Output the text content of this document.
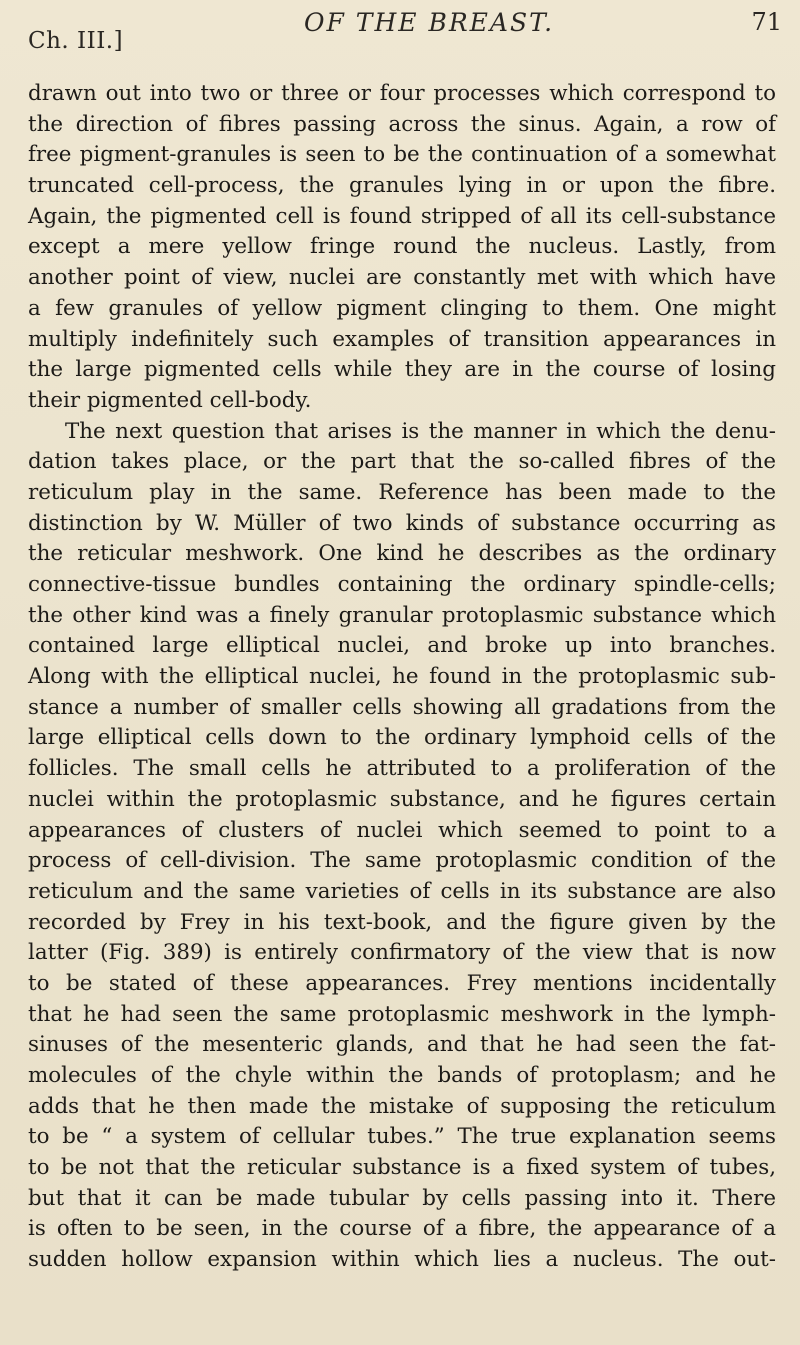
Ch. III.]
OF THE BREAST.	71
drawn out into two or three or four processes which correspond to
the direction of fibres passing across the sinus. Again, a row of
free pigment-granules is seen to be the continuation of a somewhat
truncated cell-process, the granules lying in or upon the fibre.
Again, the pigmented cell is found stripped of all its cell-substance
except a mere yellow fringe round the nucleus. Lastly, from
another point of view, nuclei are constantly met with which have
a few granules of yellow pigment clinging to them. One might
multiply indefinitely such examples of transition appearances in
the large pigmented cells while they are in the course of losing
their pigmented cell-body.
The next question that arises is the manner in which the denu-
dation takes place, or the part that the so-called fibres of the
reticulum play in the same. Reference has been made to the
distinction by W. Müller of two kinds of substance occurring as
the reticular meshwork. One kind he describes as the ordinary
connective-tissue bundles containing the ordinary spindle-cells;
the other kind was a finely granular protoplasmic substance which
contained large elliptical nuclei, and broke up into branches.
Along with the elliptical nuclei, he found in the protoplasmic sub-
stance a number of smaller cells showing all gradations from the
large elliptical cells down to the ordinary lymphoid cells of the
follicles. The small cells he attributed to a proliferation of the
nuclei within the protoplasmic substance, and he figures certain
appearances of clusters of nuclei which seemed to point to a
process of cell-division. The same protoplasmic condition of the
reticulum and the same varieties of cells in its substance are also
recorded by Frey in his text-book, and the figure given by the
latter (Fig. 389) is entirely confirmatory of the view that is now
to be stated of these appearances. Frey mentions incidentally
that he had seen the same protoplasmic meshwork in the lymph-
sinuses of the mesenteric glands, and that he had seen the fat-
molecules of the chyle within the bands of protoplasm; and he
adds that he then made the mistake of supposing the reticulum
to be “ a system of cellular tubes.” The true explanation seems
to be not that the reticular substance is a fixed system of tubes,
but that it can be made tubular by cells passing into it. There
is often to be seen, in the course of a fibre, the appearance of a
sudden hollow expansion within which lies a nucleus. The out-
